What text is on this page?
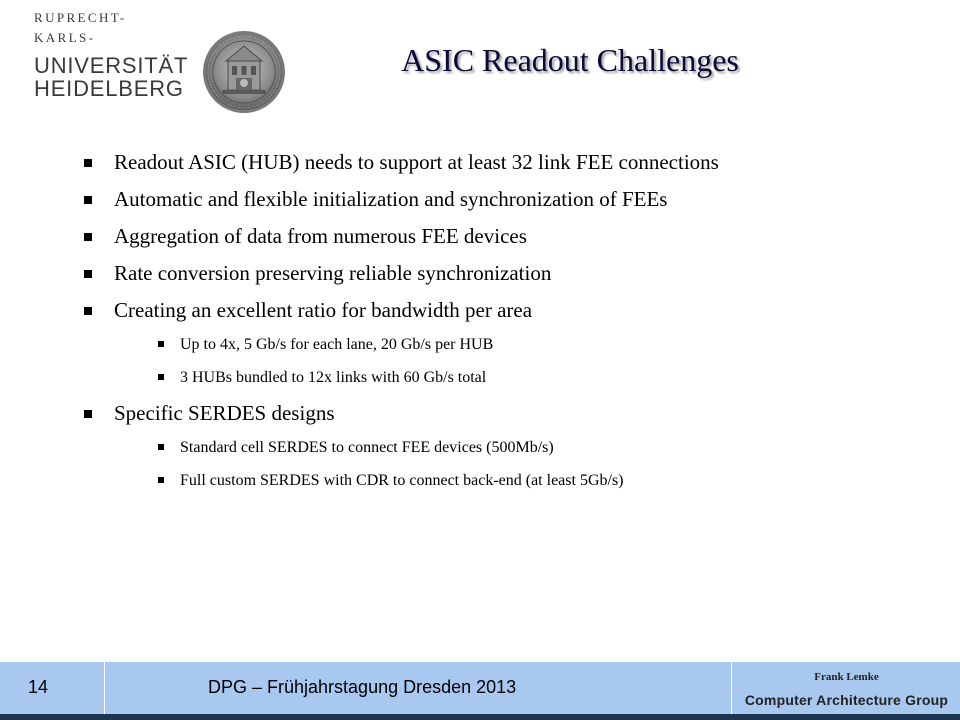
RUPRECHT-KARLS-
UNIVERSITÄT
HEIDELBERG
ASIC Readout Challenges
Readout ASIC (HUB) needs to support at least 32 link FEE connections
Automatic and flexible initialization and synchronization of FEEs
Aggregation of data from numerous FEE devices
Rate conversion preserving reliable synchronization
Creating an excellent ratio for bandwidth per area
Up to 4x, 5 Gb/s for each lane, 20 Gb/s per HUB
3 HUBs bundled to 12x links with 60 Gb/s total
Specific SERDES designs
Standard cell SERDES to connect FEE devices (500Mb/s)
Full custom SERDES with CDR to connect back-end (at least 5Gb/s)
14	DPG – Frühjahrstagung Dresden 2013	Frank Lemke
Computer Architecture Group
